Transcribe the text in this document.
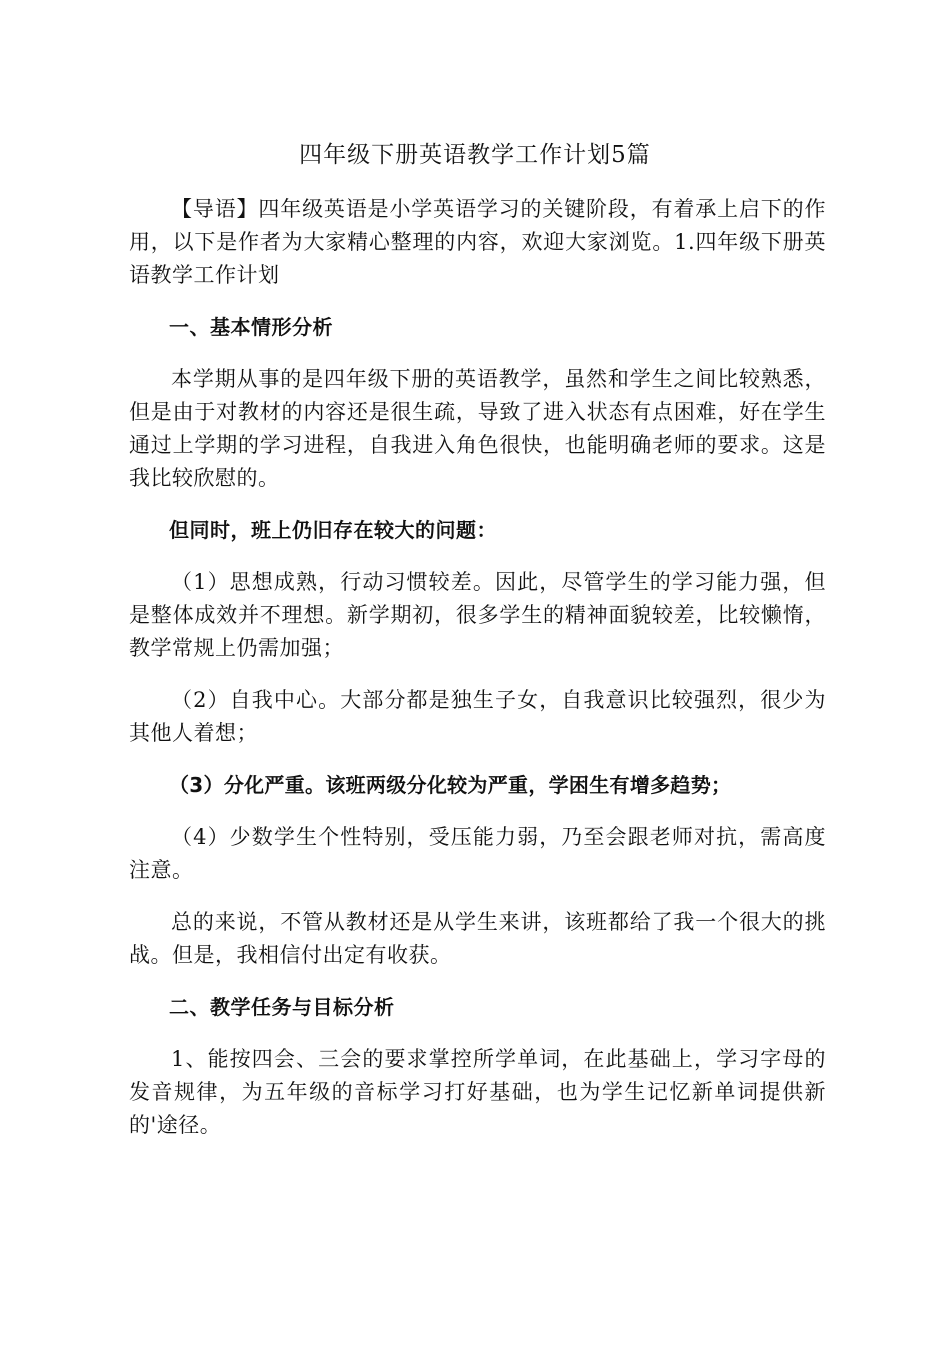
四年级下册英语教学工作计划5篇

【导语】四年级英语是小学英语学习的关键阶段，有着承上启下的作用，以下是作者为大家精心整理的内容，欢迎大家浏览。1.四年级下册英语教学工作计划

一、基本情形分析

本学期从事的是四年级下册的英语教学，虽然和学生之间比较熟悉，但是由于对教材的内容还是很生疏，导致了进入状态有点困难，好在学生通过上学期的学习进程，自我进入角色很快，也能明确老师的要求。这是我比较欣慰的。

但同时，班上仍旧存在较大的问题：

（1）思想成熟，行动习惯较差。因此，尽管学生的学习能力强，但是整体成效并不理想。新学期初，很多学生的精神面貌较差，比较懒惰，教学常规上仍需加强；

（2）自我中心。大部分都是独生子女，自我意识比较强烈，很少为其他人着想；

（3）分化严重。该班两级分化较为严重，学困生有增多趋势；

（4）少数学生个性特别，受压能力弱，乃至会跟老师对抗，需高度注意。

总的来说，不管从教材还是从学生来讲，该班都给了我一个很大的挑战。但是，我相信付出定有收获。

二、教学任务与目标分析

1、能按四会、三会的要求掌控所学单词，在此基础上，学习字母的发音规律，为五年级的音标学习打好基础，也为学生记忆新单词提供新的'途径。
